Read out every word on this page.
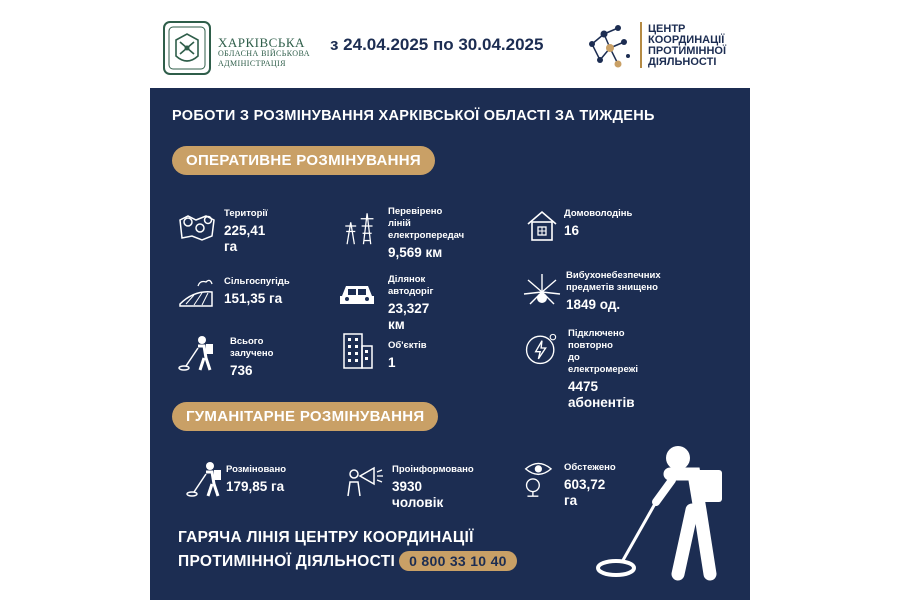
ХАРКІВСЬКА
ОБЛАСНА ВІЙСЬКОВА
АДМІНІСТРАЦІЯ
з 24.04.2025 по 30.04.2025
ЦЕНТР
КООРДИНАЦІЇ
ПРОТИМІННОЇ
ДІЯЛЬНОСТІ
РОБОТИ З РОЗМІНУВАННЯ ХАРКІВСЬКОЇ ОБЛАСТІ ЗА ТИЖДЕНЬ
ОПЕРАТИВНЕ РОЗМІНУВАННЯ
Території
225,41 га
Перевірено ліній
електропередач
9,569 км
Домоволодінь
16
Сільгоспугідь
151,35 га
Ділянок автодоріг
23,327 км
Вибухонебезпечних
предметів знищено
1849 од.
Всього залучено
736
Об'єктів
1
Підключено повторно
до електромережі
4475 абонентів
ГУМАНІТАРНЕ РОЗМІНУВАННЯ
Розміновано
179,85 га
Проінформовано
3930 чоловік
Обстежено
603,72 га
ГАРЯЧА ЛІНІЯ ЦЕНТРУ КООРДИНАЦІЇ
ПРОТИМІННОЇ ДІЯЛЬНОСТІ 0 800 33 10 40
